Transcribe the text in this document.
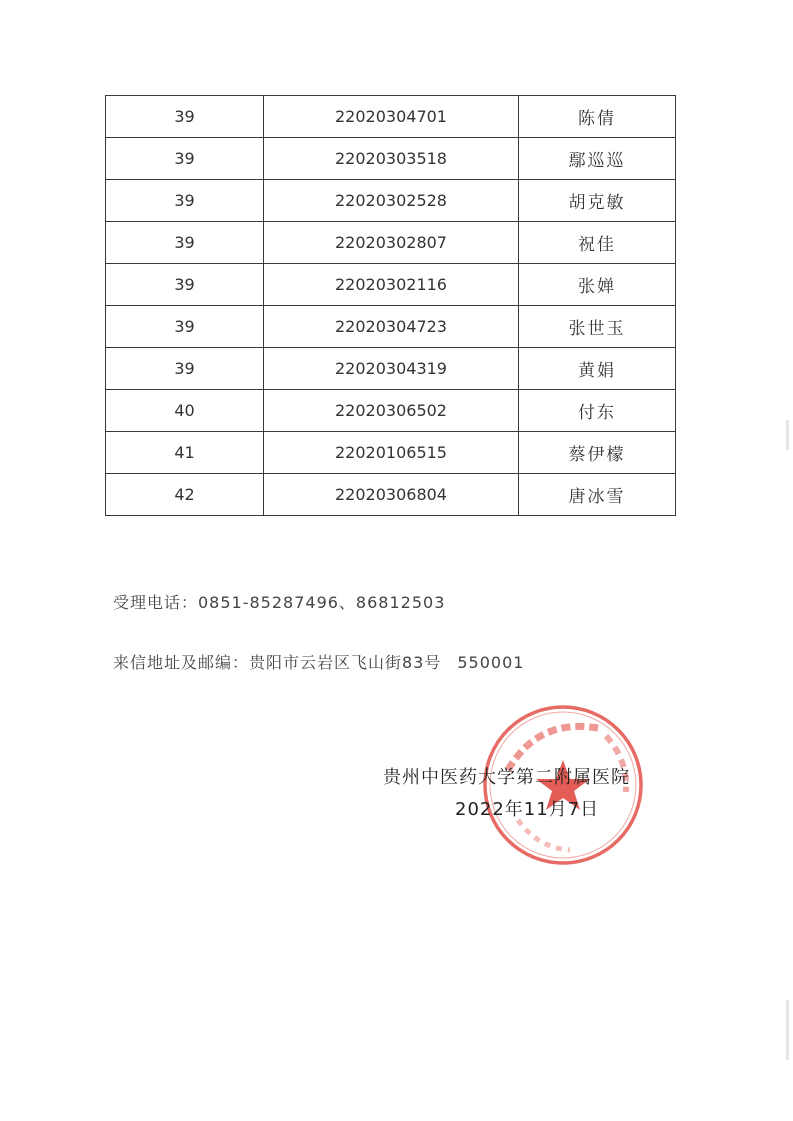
39	22020304701	陈倩
39	22020303518	鄢巡巡
39	22020302528	胡克敏
39	22020302807	祝佳
39	22020302116	张婵
39	22020304723	张世玉
39	22020304319	黄娟
40	22020306502	付东
41	22020106515	蔡伊檬
42	22020306804	唐冰雪
受理电话：0851-85287496、86812503
来信地址及邮编：贵阳市云岩区飞山街83号 550001
贵州中医药大学第二附属医院
2022年11月7日
